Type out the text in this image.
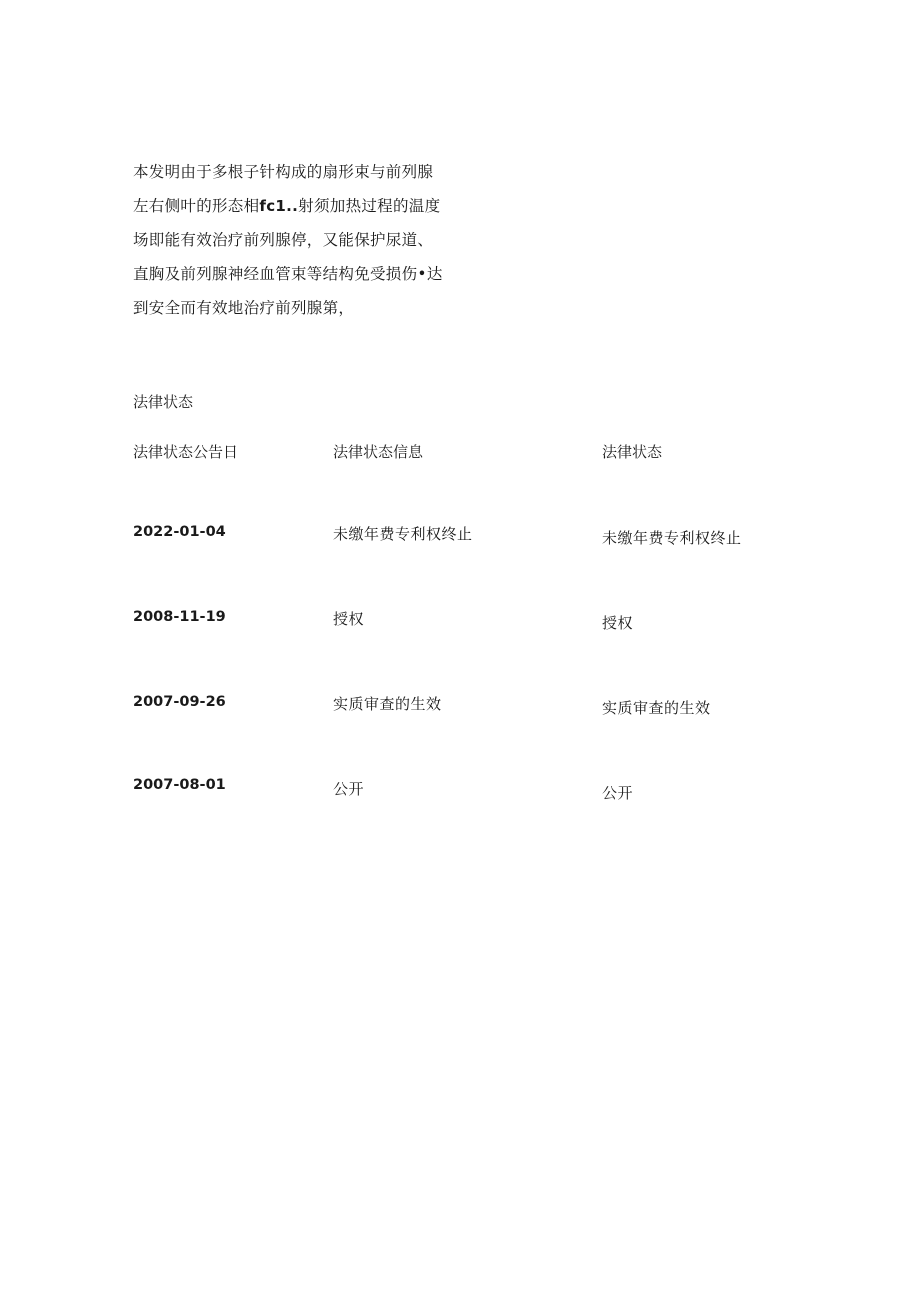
本发明由于多根子针构成的扇形束与前列腺
左右侧叶的形态相fc1..射须加热过程的温度
场即能有效治疗前列腺停，又能保护尿道、
直胸及前列腺神经血管束等结构免受损伤•达
到安全而有效地治疗前列腺第，
法律状态
法律状态公告日	法律状态信息	法律状态
2022-01-04	未缴年费专利权终止	未缴年费专利权终止
2008-11-19	授权	授权
2007-09-26	实质审查的生效	实质审查的生效
2007-08-01	公开	公开
